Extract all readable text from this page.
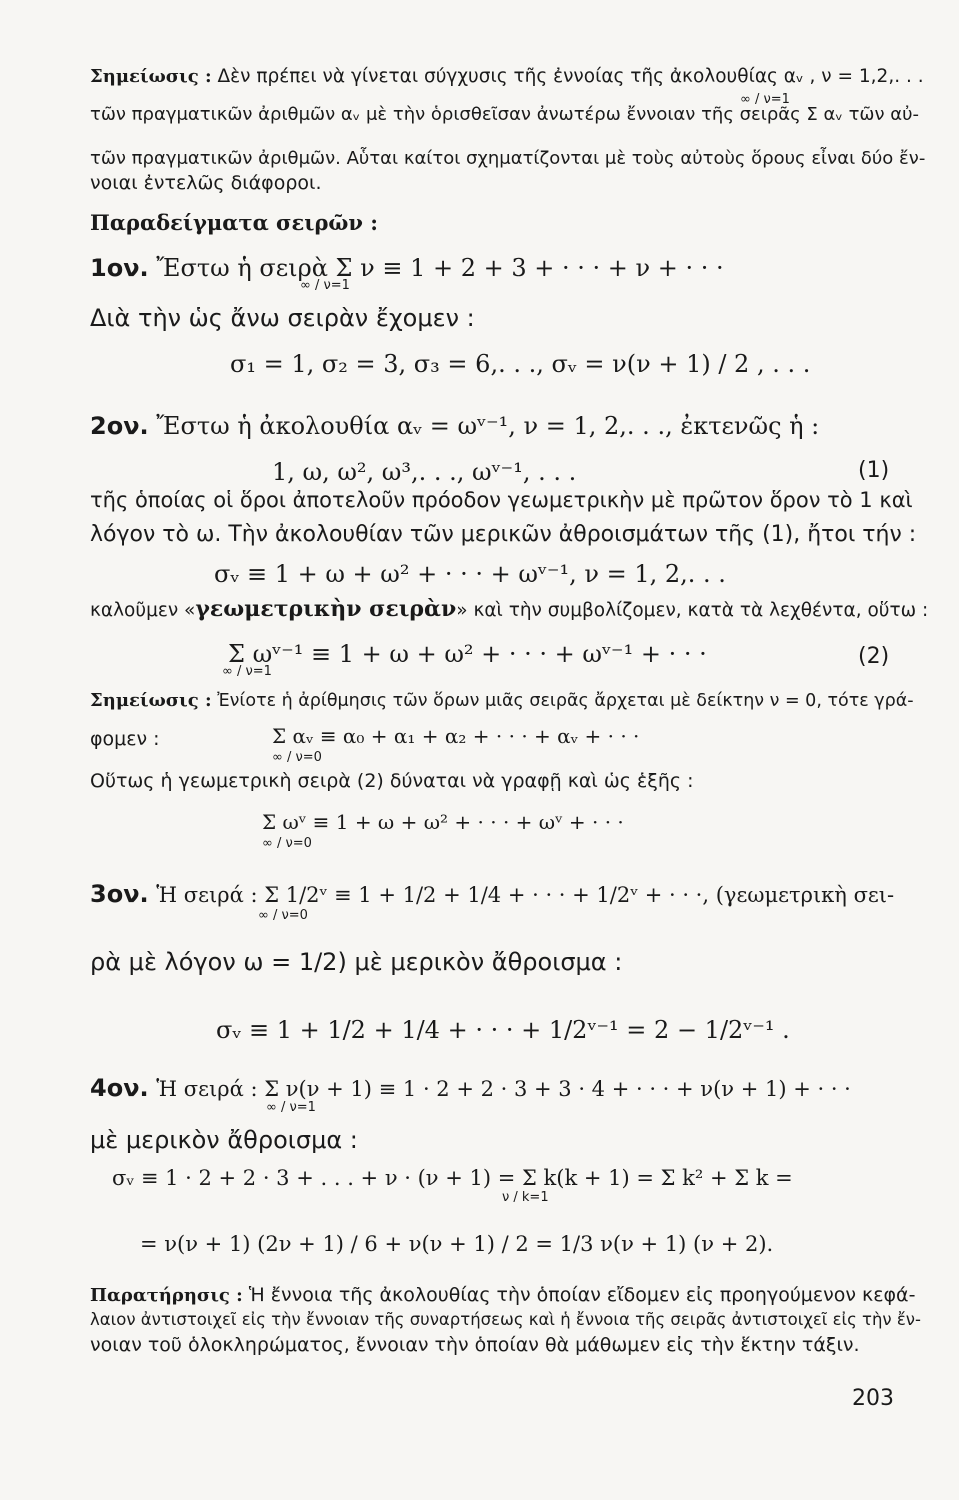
Σημείωσις : Δὲν πρέπει νὰ γίνεται σύγχυσις τῆς ἐννοίας τῆς ἀκολουθίας αᵥ , ν = 1,2,. . .
τῶν πραγματικῶν ἀριθμῶν αᵥ μὲ τὴν ὁρισθεῖσαν ἀνωτέρω ἔννοιαν τῆς σειρᾶς Σ αᵥ τῶν αὐ-
∞ / ν=1
τῶν πραγματικῶν ἀριθμῶν. Αὗται καίτοι σχηματίζονται μὲ τοὺς αὐτοὺς ὅρους εἶναι δύο ἔν-
νοιαι ἐντελῶς διάφοροι.
Παραδείγματα σειρῶν :
1ον. Ἔστω ἡ σειρὰ Σ ν ≡ 1 + 2 + 3 + · · · + ν + · · ·
∞ / ν=1
Διὰ τὴν ὡς ἄνω σειρὰν ἔχομεν :
σ₁ = 1, σ₂ = 3, σ₃ = 6,. . ., σᵥ = ν(ν + 1) / 2 , . . .
2ον. Ἔστω ἡ ἀκολουθία αᵥ = ωᵛ⁻¹, ν = 1, 2,. . ., ἐκτενῶς ἡ :
1, ω, ω², ω³,. . ., ωᵛ⁻¹, . . .	(1)
τῆς ὁποίας οἱ ὅροι ἀποτελοῦν πρόοδον γεωμετρικὴν μὲ πρῶτον ὅρον τὸ 1 καὶ
λόγον τὸ ω. Τὴν ἀκολουθίαν τῶν μερικῶν ἀθροισμάτων τῆς (1), ἤτοι τήν :
σᵥ ≡ 1 + ω + ω² + · · · + ωᵛ⁻¹, ν = 1, 2,. . .
καλοῦμεν «γεωμετρικὴν σειρὰν» καὶ τὴν συμβολίζομεν, κατὰ τὰ λεχθέντα, οὕτω :
Σ ωᵛ⁻¹ ≡ 1 + ω + ω² + · · · + ωᵛ⁻¹ + · · ·
∞ / ν=1
(2)
Σημείωσις : Ἐνίοτε ἡ ἀρίθμησις τῶν ὅρων μιᾶς σειρᾶς ἄρχεται μὲ δείκτην ν = 0, τότε γρά-
φομεν :	Σ αᵥ ≡ α₀ + α₁ + α₂ + · · · + αᵥ + · · ·
∞ / ν=0
Οὕτως ἡ γεωμετρικὴ σειρὰ (2) δύναται νὰ γραφῇ καὶ ὡς ἑξῆς :
Σ ωᵛ ≡ 1 + ω + ω² + · · · + ωᵛ + · · ·
∞ / ν=0
3ον. Ἡ σειρά : Σ 1/2ᵛ ≡ 1 + 1/2 + 1/4 + · · · + 1/2ᵛ + · · ·, (γεωμετρικὴ σει-
∞ / ν=0
ρὰ μὲ λόγον ω = 1/2) μὲ μερικὸν ἄθροισμα :
σᵥ ≡ 1 + 1/2 + 1/4 + · · · + 1/2ᵛ⁻¹ = 2 − 1/2ᵛ⁻¹ .
4ον. Ἡ σειρά : Σ ν(ν + 1) ≡ 1 · 2 + 2 · 3 + 3 · 4 + · · · + ν(ν + 1) + · · ·
∞ / ν=1
μὲ μερικὸν ἄθροισμα :
σᵥ ≡ 1 · 2 + 2 · 3 + . . . + ν · (ν + 1) = Σ k(k + 1) = Σ k² + Σ k =
ν / k=1
= ν(ν + 1) (2ν + 1) / 6 + ν(ν + 1) / 2 = 1/3 ν(ν + 1) (ν + 2).
Παρατήρησις : Ἡ ἔννοια τῆς ἀκολουθίας τὴν ὁποίαν εἴδομεν εἰς προηγούμενον κεφά-
λαιον ἀντιστοιχεῖ εἰς τὴν ἔννοιαν τῆς συναρτήσεως καὶ ἡ ἔννοια τῆς σειρᾶς ἀντιστοιχεῖ εἰς τὴν ἔν-
νοιαν τοῦ ὁλοκληρώματος, ἔννοιαν τὴν ὁποίαν θὰ μάθωμεν εἰς τὴν ἕκτην τάξιν.
203
